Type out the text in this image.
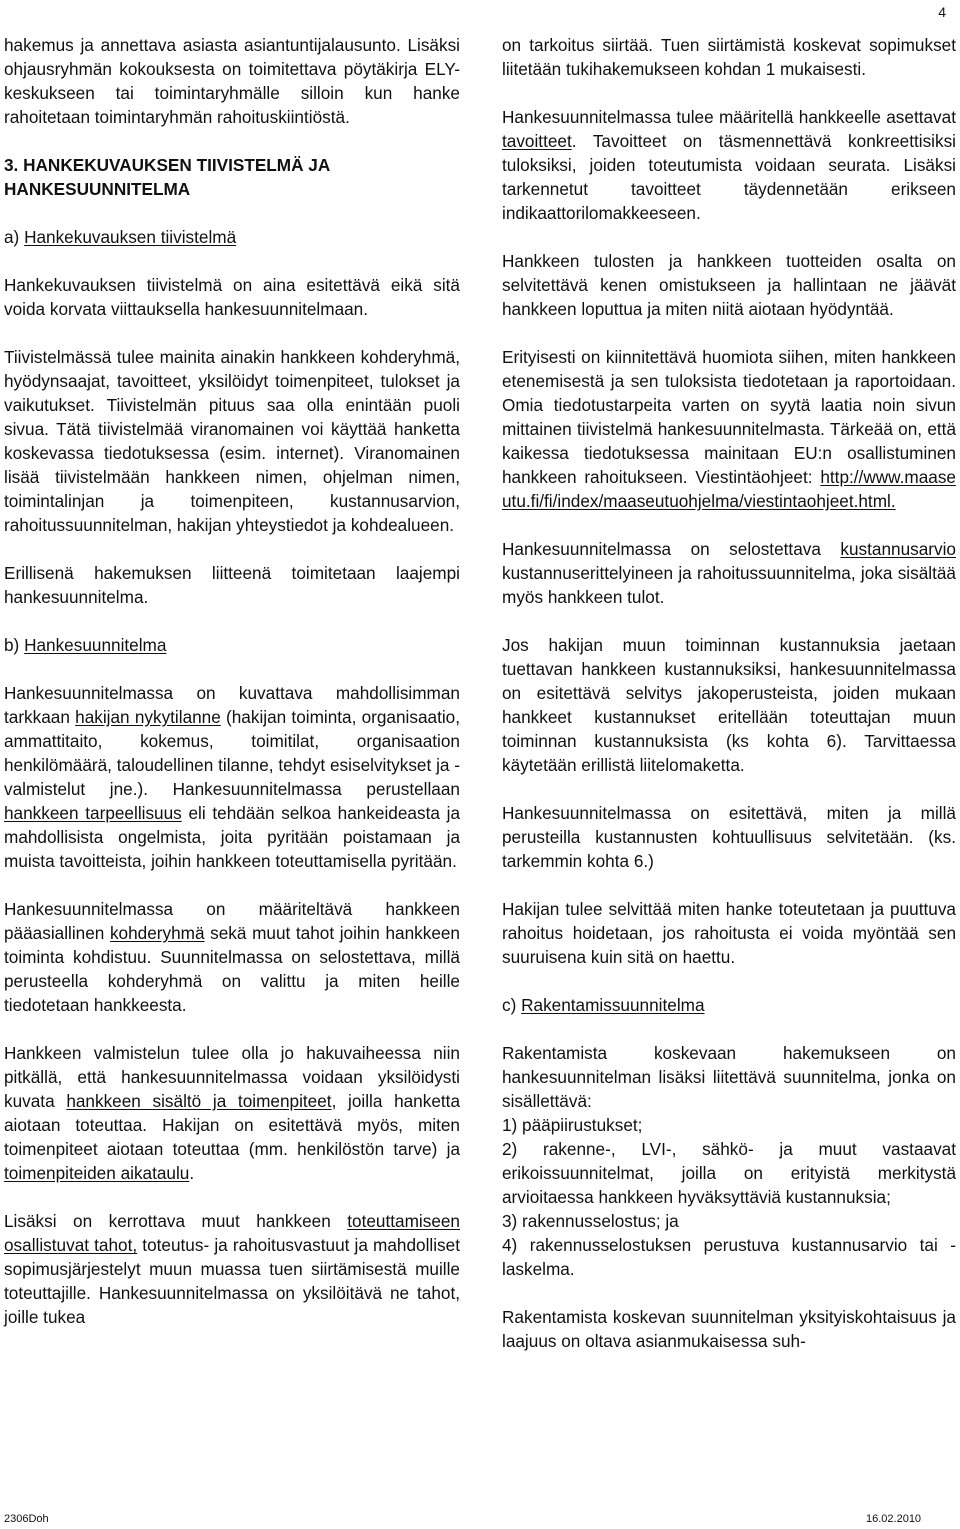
4

hakemus ja annettava asiasta asiantuntijalausunto. Lisäksi ohjausryhmän kokouksesta on toimitettava pöytäkirja ELY-keskukseen tai toimintaryhmälle silloin kun hanke rahoitetaan toimintaryhmän rahoituskiintiöstä.

3. HANKEKUVAUKSEN TIIVISTELMÄ JA HANKESUUNNITELMA
a) Hankekuvauksen tiivistelmä

Hankekuvauksen tiivistelmä on aina esitettävä eikä sitä voida korvata viittauksella hankesuunnitelmaan.

Tiivistelmässä tulee mainita ainakin hankkeen kohderyhmä, hyödynsaajat, tavoitteet, yksilöidyt toimenpiteet, tulokset ja vaikutukset. Tiivistelmän pituus saa olla enintään puoli sivua. Tätä tiivistelmää viranomainen voi käyttää hanketta koskevassa tiedotuksessa (esim. internet). Viranomainen lisää tiivistelmään hankkeen nimen, ohjelman nimen, toimintalinjan ja toimenpiteen, kustannusarvion, rahoitussuunnitelman, hakijan yhteystiedot ja kohdealueen.

Erillisenä hakemuksen liitteenä toimitetaan laajempi hankesuunnitelma.

b) Hankesuunnitelma

Hankesuunnitelmassa on kuvattava mahdollisimman tarkkaan hakijan nykytilanne (hakijan toiminta, organisaatio, ammattitaito, kokemus, toimitilat, organisaation henkilömäärä, taloudellinen tilanne, tehdyt esiselvitykset ja -valmistelut jne.). Hankesuunnitelmassa perustellaan hankkeen tarpeellisuus eli tehdään selkoa hankeideasta ja mahdollisista ongelmista, joita pyritään poistamaan ja muista tavoitteista, joihin hankkeen toteuttamisella pyritään.

Hankesuunnitelmassa on määriteltävä hankkeen pääasiallinen kohderyhmä sekä muut tahot joihin hankkeen toiminta kohdistuu. Suunnitelmassa on selostettava, millä perusteella kohderyhmä on valittu ja miten heille tiedotetaan hankkeesta.

Hankkeen valmistelun tulee olla jo hakuvaiheessa niin pitkällä, että hankesuunnitelmassa voidaan yksilöidysti kuvata hankkeen sisältö ja toimenpiteet, joilla hanketta aiotaan toteuttaa. Hakijan on esitettävä myös, miten toimenpiteet aiotaan toteuttaa (mm. henkilöstön tarve) ja toimenpiteiden aikataulu.

Lisäksi on kerrottava muut hankkeen toteuttamiseen osallistuvat tahot, toteutus- ja rahoitusvastuut ja mahdolliset sopimusjärjestelyt muun muassa tuen siirtämisestä muille toteuttajille. Hankesuunnitelmassa on yksilöitävä ne tahot, joille tukea

on tarkoitus siirtää. Tuen siirtämistä koskevat sopimukset liitetään tukihakemukseen kohdan 1 mukaisesti.

Hankesuunnitelmassa tulee määritellä hankkeelle asettavat tavoitteet. Tavoitteet on täsmennettävä konkreettisiksi tuloksiksi, joiden toteutumista voidaan seurata. Lisäksi tarkennetut tavoitteet täydennetään erikseen indikaattorilomakkeeseen.

Hankkeen tulosten ja hankkeen tuotteiden osalta on selvitettävä kenen omistukseen ja hallintaan ne jäävät hankkeen loputtua ja miten niitä aiotaan hyödyntää.

Erityisesti on kiinnitettävä huomiota siihen, miten hankkeen etenemisestä ja sen tuloksista tiedotetaan ja raportoidaan. Omia tiedotustarpeita varten on syytä laatia noin sivun mittainen tiivistelmä hankesuunnitelmasta. Tärkeää on, että kaikessa tiedotuksessa mainitaan EU:n osallistuminen hankkeen rahoitukseen. Viestintäohjeet: http://www.maaseutu.fi/fi/index/maaseutuohjelma/viestintaohjeet.html.

Hankesuunnitelmassa on selostettava kustannusarvio kustannuserittelyineen ja rahoitussuunnitelma, joka sisältää myös hankkeen tulot.

Jos hakijan muun toiminnan kustannuksia jaetaan tuettavan hankkeen kustannuksiksi, hankesuunnitelmassa on esitettävä selvitys jakoperusteista, joiden mukaan hankkeet kustannukset eritellään toteuttajan muun toiminnan kustannuksista (ks kohta 6). Tarvittaessa käytetään erillistä liitelomaketta.

Hankesuunnitelmassa on esitettävä, miten ja millä perusteilla kustannusten kohtuullisuus selvitetään. (ks. tarkemmin kohta 6.)

Hakijan tulee selvittää miten hanke toteutetaan ja puuttuva rahoitus hoidetaan, jos rahoitusta ei voida myöntää sen suuruisena kuin sitä on haettu.

c) Rakentamissuunnitelma

Rakentamista koskevaan hakemukseen on hankesuunnitelman lisäksi liitettävä suunnitelma, jonka on sisällettävä:

1) pääpiirustukset;

2) rakenne-, LVI-, sähkö- ja muut vastaavat erikoissuunnitelmat, joilla on erityistä merkitystä arvioitaessa hankkeen hyväksyttäviä kustannuksia;

3) rakennusselostus; ja

4) rakennusselostuksen perustuva kustannusarvio tai -laskelma.

Rakentamista koskevan suunnitelman yksityiskohtaisuus ja laajuus on oltava asianmukaisessa suh-

2306Doh	16.02.2010
